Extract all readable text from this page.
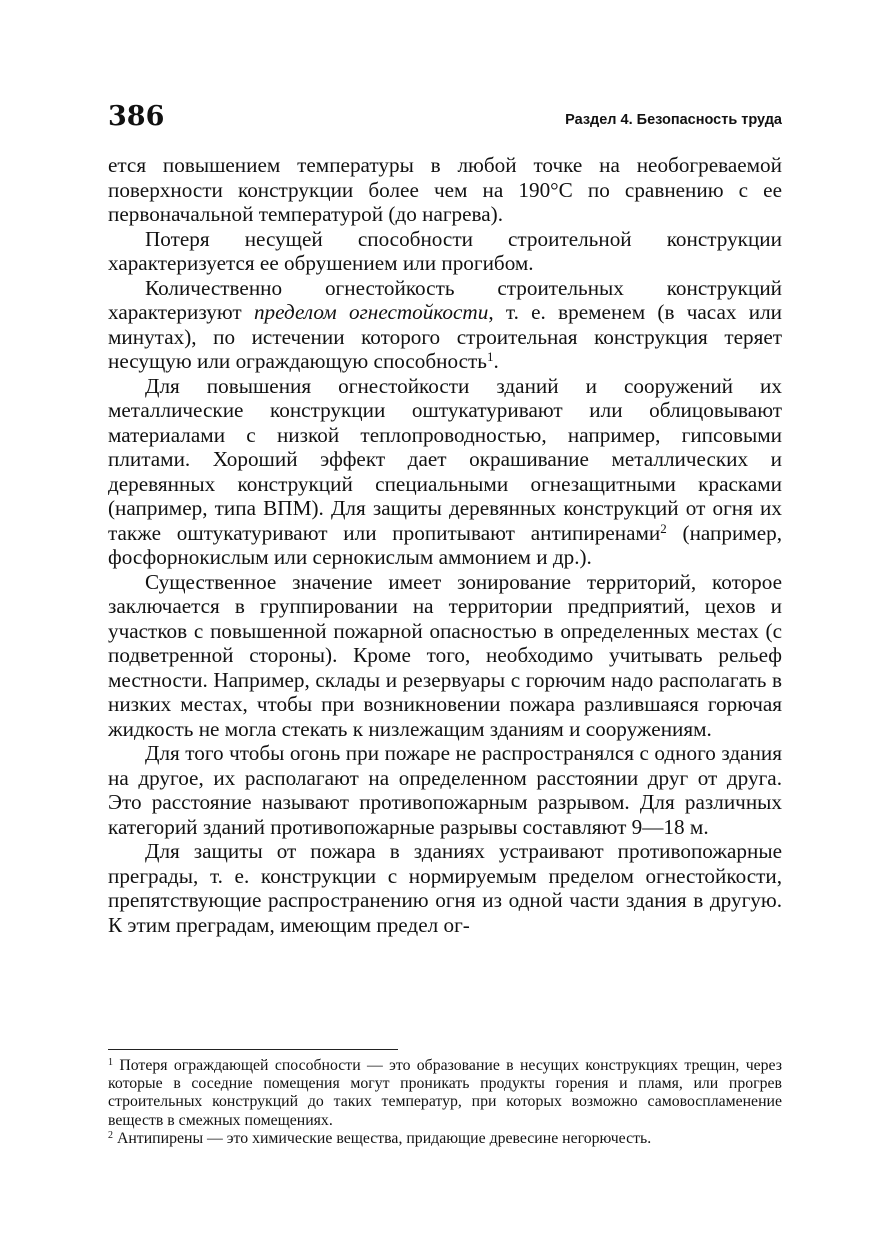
386	Раздел 4. Безопасность труда

ется повышением температуры в любой точке на необогреваемой поверхности конструкции более чем на 190°С по сравнению с ее первоначальной температурой (до нагрева).

Потеря несущей способности строительной конструкции характеризуется ее обрушением или прогибом.

Количественно огнестойкость строительных конструкций характеризуют пределом огнестойкости, т. е. временем (в часах или минутах), по истечении которого строительная конструкция теряет несущую или ограждающую способность$^1$.

Для повышения огнестойкости зданий и сооружений их металлические конструкции оштукатуривают или облицовывают материалами с низкой теплопроводностью, например, гипсовыми плитами. Хороший эффект дает окрашивание металлических и деревянных конструкций специальными огнезащитными красками (например, типа ВПМ). Для защиты деревянных конструкций от огня их также оштукатуривают или пропитывают антипиренами$^2$ (например, фосфорнокислым или сернокислым аммонием и др.).

Существенное значение имеет зонирование территорий, которое заключается в группировании на территории предприятий, цехов и участков с повышенной пожарной опасностью в определенных местах (с подветренной стороны). Кроме того, необходимо учитывать рельеф местности. Например, склады и резервуары с горючим надо располагать в низких местах, чтобы при возникновении пожара разлившаяся горючая жидкость не могла стекать к низлежащим зданиям и сооружениям.

Для того чтобы огонь при пожаре не распространялся с одного здания на другое, их располагают на определенном расстоянии друг от друга. Это расстояние называют противопожарным разрывом. Для различных категорий зданий противопожарные разрывы составляют 9—18 м.

Для защиты от пожара в зданиях устраивают противопожарные преграды, т. е. конструкции с нормируемым пределом огнестойкости, препятствующие распространению огня из одной части здания в другую. К этим преградам, имеющим предел ог-

$^1$ Потеря ограждающей способности — это образование в несущих конструкциях трещин, через которые в соседние помещения могут проникать продукты горения и пламя, или прогрев строительных конструкций до таких температур, при которых возможно самовоспламенение веществ в смежных помещениях.

$^2$ Антипирены — это химические вещества, придающие древесине негорючесть.
